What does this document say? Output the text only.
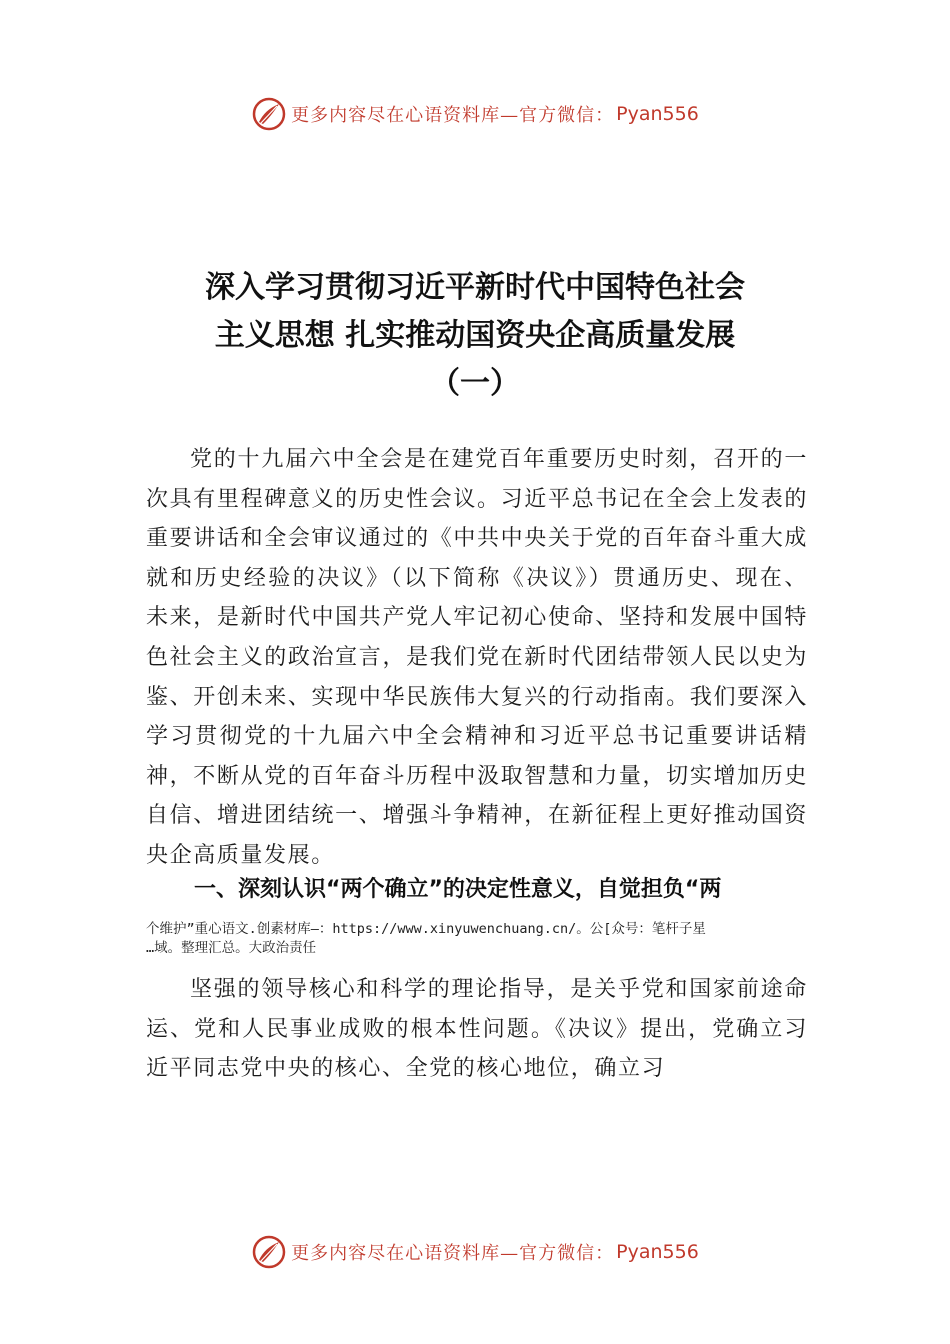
更多内容尽在心语资料库—官方微信： Pyan556
深入学习贯彻习近平新时代中国特色社会
主义思想 扎实推动国资央企高质量发展
（一）

党的十九届六中全会是在建党百年重要历史时刻，召开的一次具有里程碑意义的历史性会议。习近平总书记在全会上发表的重要讲话和全会审议通过的《中共中央关于党的百年奋斗重大成就和历史经验的决议》（以下简称《决议》）贯通历史、现在、未来，是新时代中国共产党人牢记初心使命、坚持和发展中国特色社会主义的政治宣言，是我们党在新时代团结带领人民以史为鉴、开创未来、实现中华民族伟大复兴的行动指南。我们要深入学习贯彻党的十九届六中全会精神和习近平总书记重要讲话精神，不断从党的百年奋斗历程中汲取智慧和力量，切实增加历史自信、增进团结统一、增强斗争精神，在新征程上更好推动国资央企高质量发展。

一、深刻认识“两个确立”的决定性意义，自觉担负“两
个维护”重心语文.创素材库—：https://www.xinyuwenchuang.cn/。公[众号：笔杆子星
…域。整理汇总。大政治责任

坚强的领导核心和科学的理论指导，是关乎党和国家前途命运、党和人民事业成败的根本性问题。《决议》提出，党确立习近平同志党中央的核心、全党的核心地位，确立习

更多内容尽在心语资料库—官方微信： Pyan556
